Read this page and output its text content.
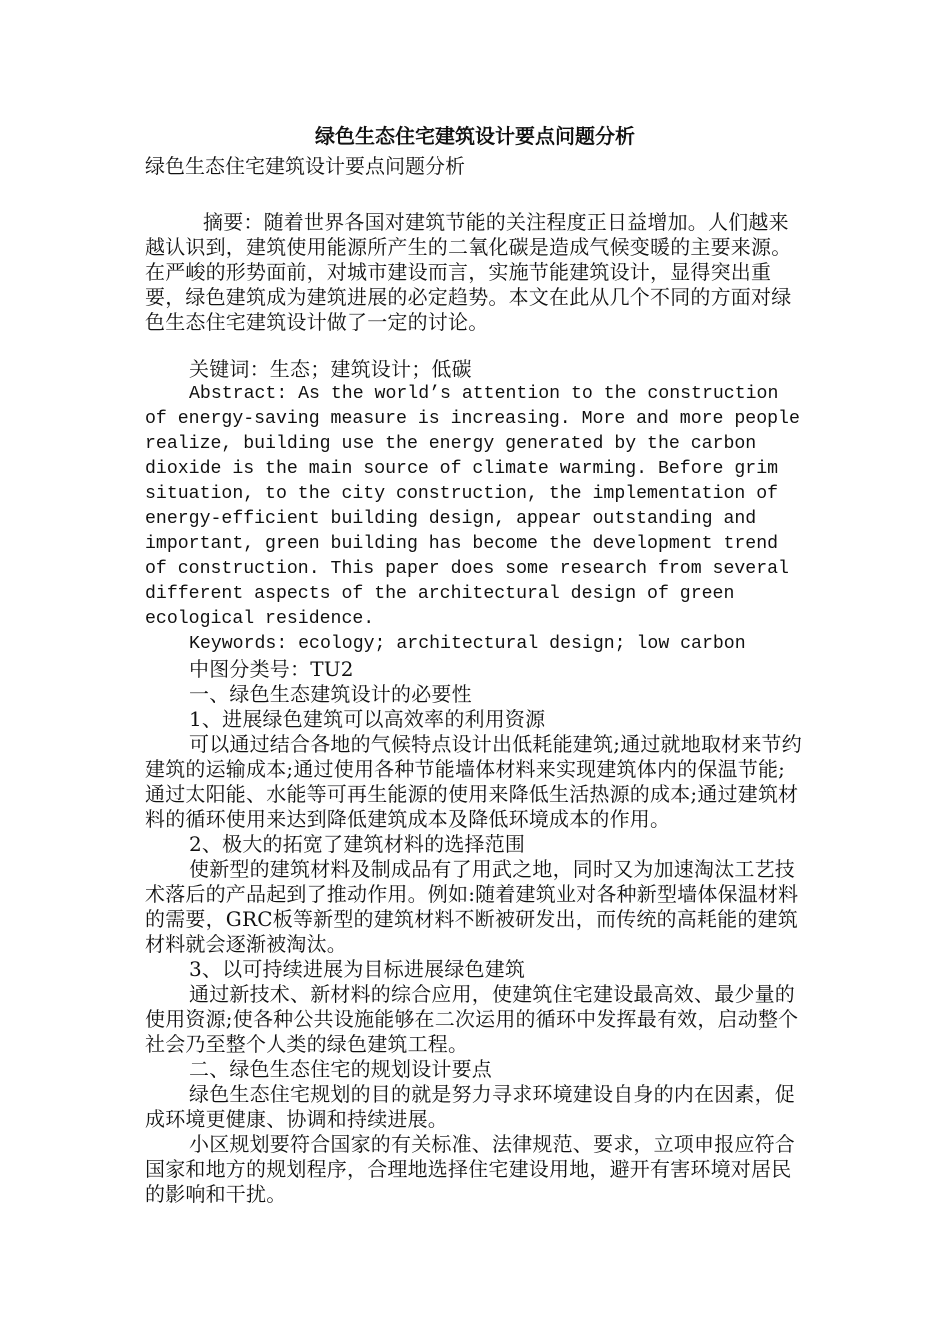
绿色生态住宅建筑设计要点问题分析

绿色生态住宅建筑设计要点问题分析

摘要：随着世界各国对建筑节能的关注程度正日益增加。人们越来越认识到，建筑使用能源所产生的二氧化碳是造成气候变暖的主要来源。在严峻的形势面前，对城市建设而言，实施节能建筑设计，显得突出重要，绿色建筑成为建筑进展的必定趋势。本文在此从几个不同的方面对绿色生态住宅建筑设计做了一定的讨论。

关键词：生态；建筑设计；低碳

Abstract: As the world’s attention to the construction of energy-saving measure is increasing. More and more people realize, building use the energy generated by the carbon dioxide is the main source of climate warming. Before grim situation, to the city construction, the implementation of energy-efficient building design, appear outstanding and important, green building has become the development trend of construction. This paper does some research from several different aspects of the architectural design of green ecological residence.

Keywords: ecology; architectural design; low carbon

中图分类号：TU2

一、绿色生态建筑设计的必要性

1、进展绿色建筑可以高效率的利用资源

可以通过结合各地的气候特点设计出低耗能建筑;通过就地取材来节约建筑的运输成本;通过使用各种节能墙体材料来实现建筑体内的保温节能;通过太阳能、水能等可再生能源的使用来降低生活热源的成本;通过建筑材料的循环使用来达到降低建筑成本及降低环境成本的作用。

2、极大的拓宽了建筑材料的选择范围

使新型的建筑材料及制成品有了用武之地，同时又为加速淘汰工艺技术落后的产品起到了推动作用。例如:随着建筑业对各种新型墙体保温材料的需要，GRC板等新型的建筑材料不断被研发出，而传统的高耗能的建筑材料就会逐渐被淘汰。

3、以可持续进展为目标进展绿色建筑

通过新技术、新材料的综合应用，使建筑住宅建设最高效、最少量的使用资源;使各种公共设施能够在二次运用的循环中发挥最有效，启动整个社会乃至整个人类的绿色建筑工程。

二、绿色生态住宅的规划设计要点

绿色生态住宅规划的目的就是努力寻求环境建设自身的内在因素，促成环境更健康、协调和持续进展。

小区规划要符合国家的有关标准、法律规范、要求，立项申报应符合国家和地方的规划程序，合理地选择住宅建设用地，避开有害环境对居民的影响和干扰。
